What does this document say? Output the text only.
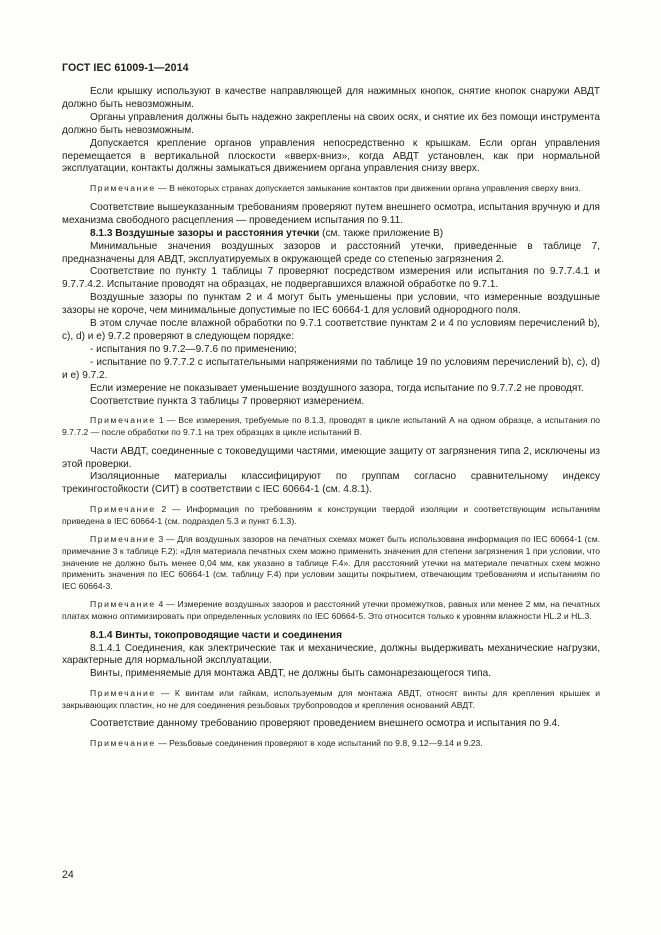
ГОСТ IEC 61009-1—2014

Если крышку используют в качестве направляющей для нажимных кнопок, снятие кнопок снаружи АВДТ должно быть невозможным.

Органы управления должны быть надежно закреплены на своих осях, и снятие их без помощи инструмента должно быть невозможным.

Допускается крепление органов управления непосредственно к крышкам. Если орган управления перемещается в вертикальной плоскости «вверх-вниз», когда АВДТ установлен, как при нормальной эксплуатации, контакты должны замыкаться движением органа управления снизу вверх.

Примечание — В некоторых странах допускается замыкание контактов при движении органа управления сверху вниз.

Соответствие вышеуказанным требованиям проверяют путем внешнего осмотра, испытания вручную и для механизма свободного расцепления — проведением испытания по 9.11.

8.1.3 Воздушные зазоры и расстояния утечки (см. также приложение В)

Минимальные значения воздушных зазоров и расстояний утечки, приведенные в таблице 7, предназначены для АВДТ, эксплуатируемых в окружающей среде со степенью загрязнения 2.

Соответствие по пункту 1 таблицы 7 проверяют посредством измерения или испытания по 9.7.7.4.1 и 9.7.7.4.2. Испытание проводят на образцах, не подвергавшихся влажной обработке по 9.7.1.

Воздушные зазоры по пунктам 2 и 4 могут быть уменьшены при условии, что измеренные воздушные зазоры не короче, чем минимальные допустимые по IEC 60664-1 для условий однородного поля.

В этом случае после влажной обработки по 9.7.1 соответствие пунктам 2 и 4 по условиям перечислений b), c), d) и e) 9.7.2 проверяют в следующем порядке:

- испытания по 9.7.2—9.7.6 по применению;

- испытание по 9.7.7.2 с испытательными напряжениями по таблице 19 по условиям перечислений b), c), d) и e) 9.7.2.

Если измерение не показывает уменьшение воздушного зазора, тогда испытание по 9.7.7.2 не проводят.

Соответствие пункта 3 таблицы 7 проверяют измерением.

Примечание 1 — Все измерения, требуемые по 8.1.3, проводят в цикле испытаний А на одном образце, а испытания по 9.7.7.2 — после обработки по 9.7.1 на трех образцах в цикле испытаний В.

Части АВДТ, соединенные с токоведущими частями, имеющие защиту от загрязнения типа 2, исключены из этой проверки.

Изоляционные материалы классифицируют по группам согласно сравнительному индексу трекингостойкости (СИТ) в соответствии с IEC 60664-1 (см. 4.8.1).

Примечание 2 — Информация по требованиям к конструкции твердой изоляции и соответствующим испытаниям приведена в IEC 60664-1 (см. подраздел 5.3 и пункт 6.1.3).

Примечание 3 — Для воздушных зазоров на печатных схемах может быть использована информация по IEC 60664-1 (см. примечание 3 к таблице F.2): «Для материала печатных схем можно применить значения для степени загрязнения 1 при условии, что значение не должно быть менее 0,04 мм, как указано в таблице F.4». Для расстояний утечки на материале печатных схем можно применить значения по IEC 60664-1 (см. таблицу F.4) при условии защиты покрытием, отвечающим требованиям и испытаниям по IEC 60664-3.

Примечание 4 — Измерение воздушных зазоров и расстояний утечки промежутков, равных или менее 2 мм, на печатных платах можно оптимизировать при определенных условиях по IEC 60664-5. Это относится только к уровням влажности HL.2 и HL.3.

8.1.4 Винты, токопроводящие части и соединения

8.1.4.1 Соединения, как электрические так и механические, должны выдерживать механические нагрузки, характерные для нормальной эксплуатации.

Винты, применяемые для монтажа АВДТ, не должны быть самонарезающегося типа.

Примечание — К винтам или гайкам, используемым для монтажа АВДТ, относят винты для крепления крышек и закрывающих пластин, но не для соединения резьбовых трубопроводов и крепления оснований АВДТ.

Соответствие данному требованию проверяют проведением внешнего осмотра и испытания по 9.4.

Примечание — Резьбовые соединения проверяют в ходе испытаний по 9.8, 9.12—9.14 и 9.23.

24
